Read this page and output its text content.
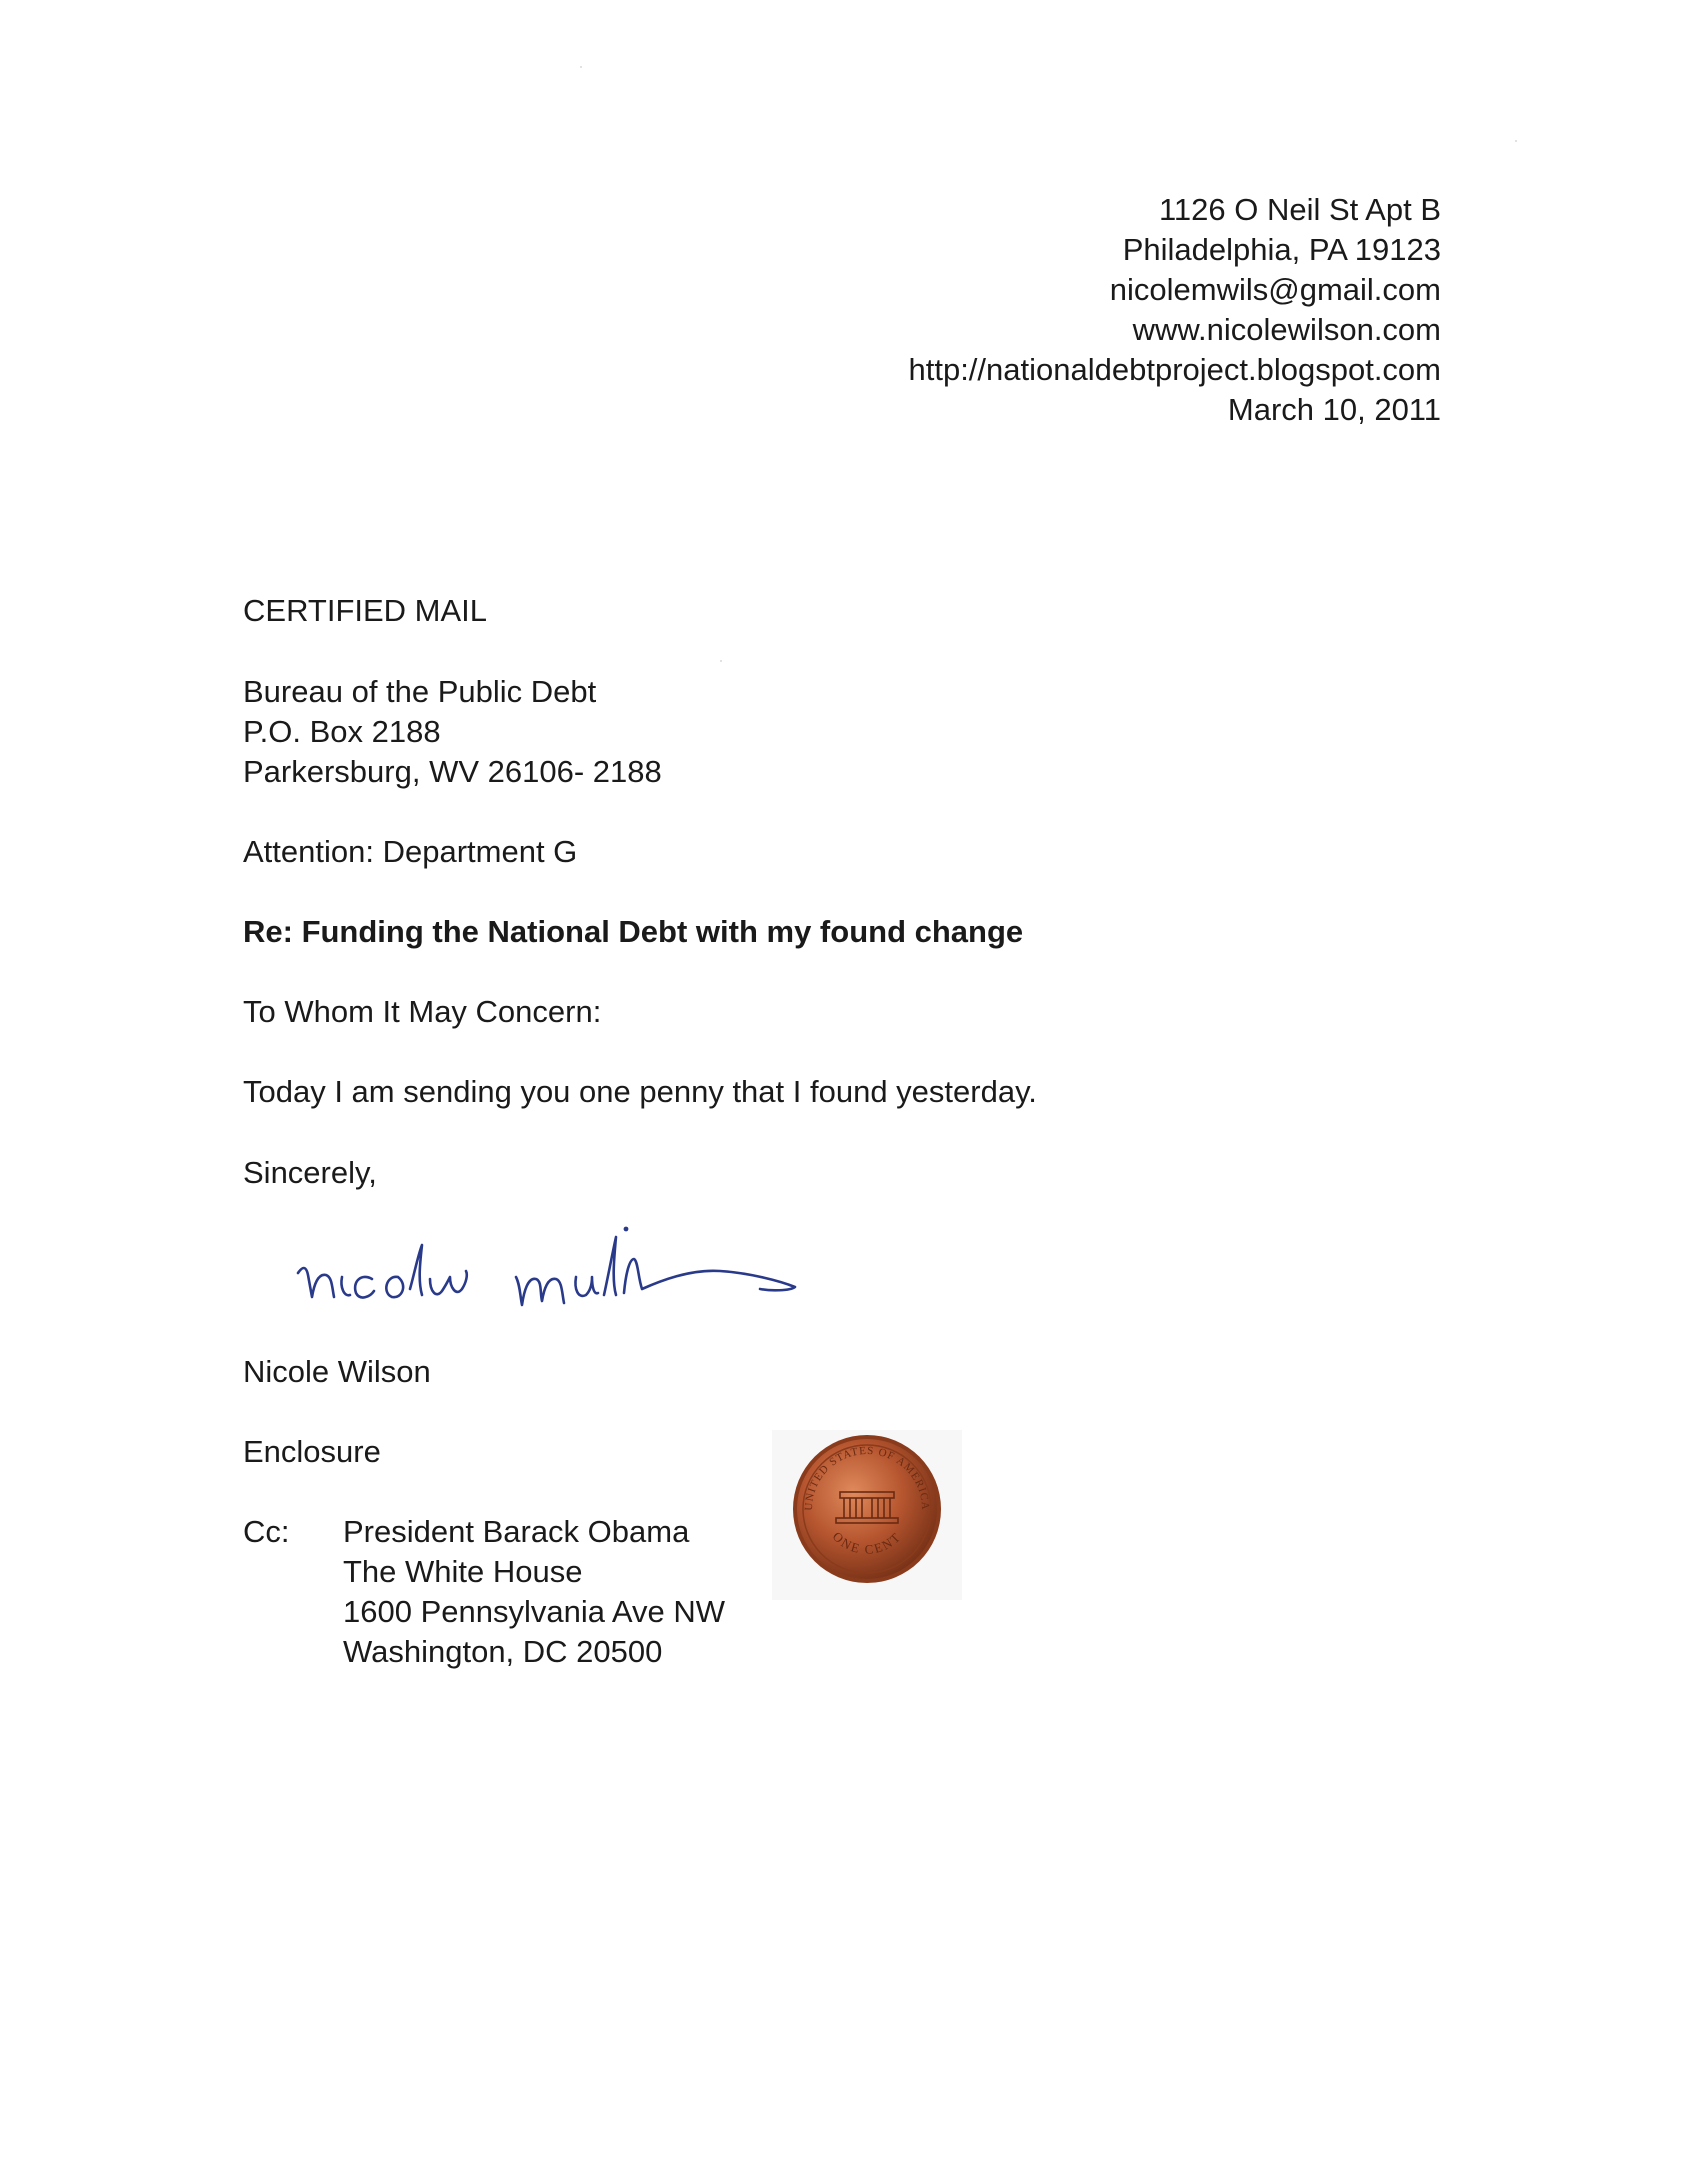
1126 O Neil St Apt B
Philadelphia, PA 19123
nicolemwils@gmail.com
www.nicolewilson.com
http://nationaldebtproject.blogspot.com
March 10, 2011
CERTIFIED MAIL
Bureau of the Public Debt
P.O. Box 2188
Parkersburg, WV 26106- 2188
Attention: Department G
Re: Funding the National Debt with my found change
To Whom It May Concern:
Today I am sending you one penny that I found yesterday.
Sincerely,
Nicole Wilson
Enclosure
Cc: President Barack Obama
The White House
1600 Pennsylvania Ave NW
Washington, DC 20500
UNITED STATES OF AMERICA
ONE CENT
